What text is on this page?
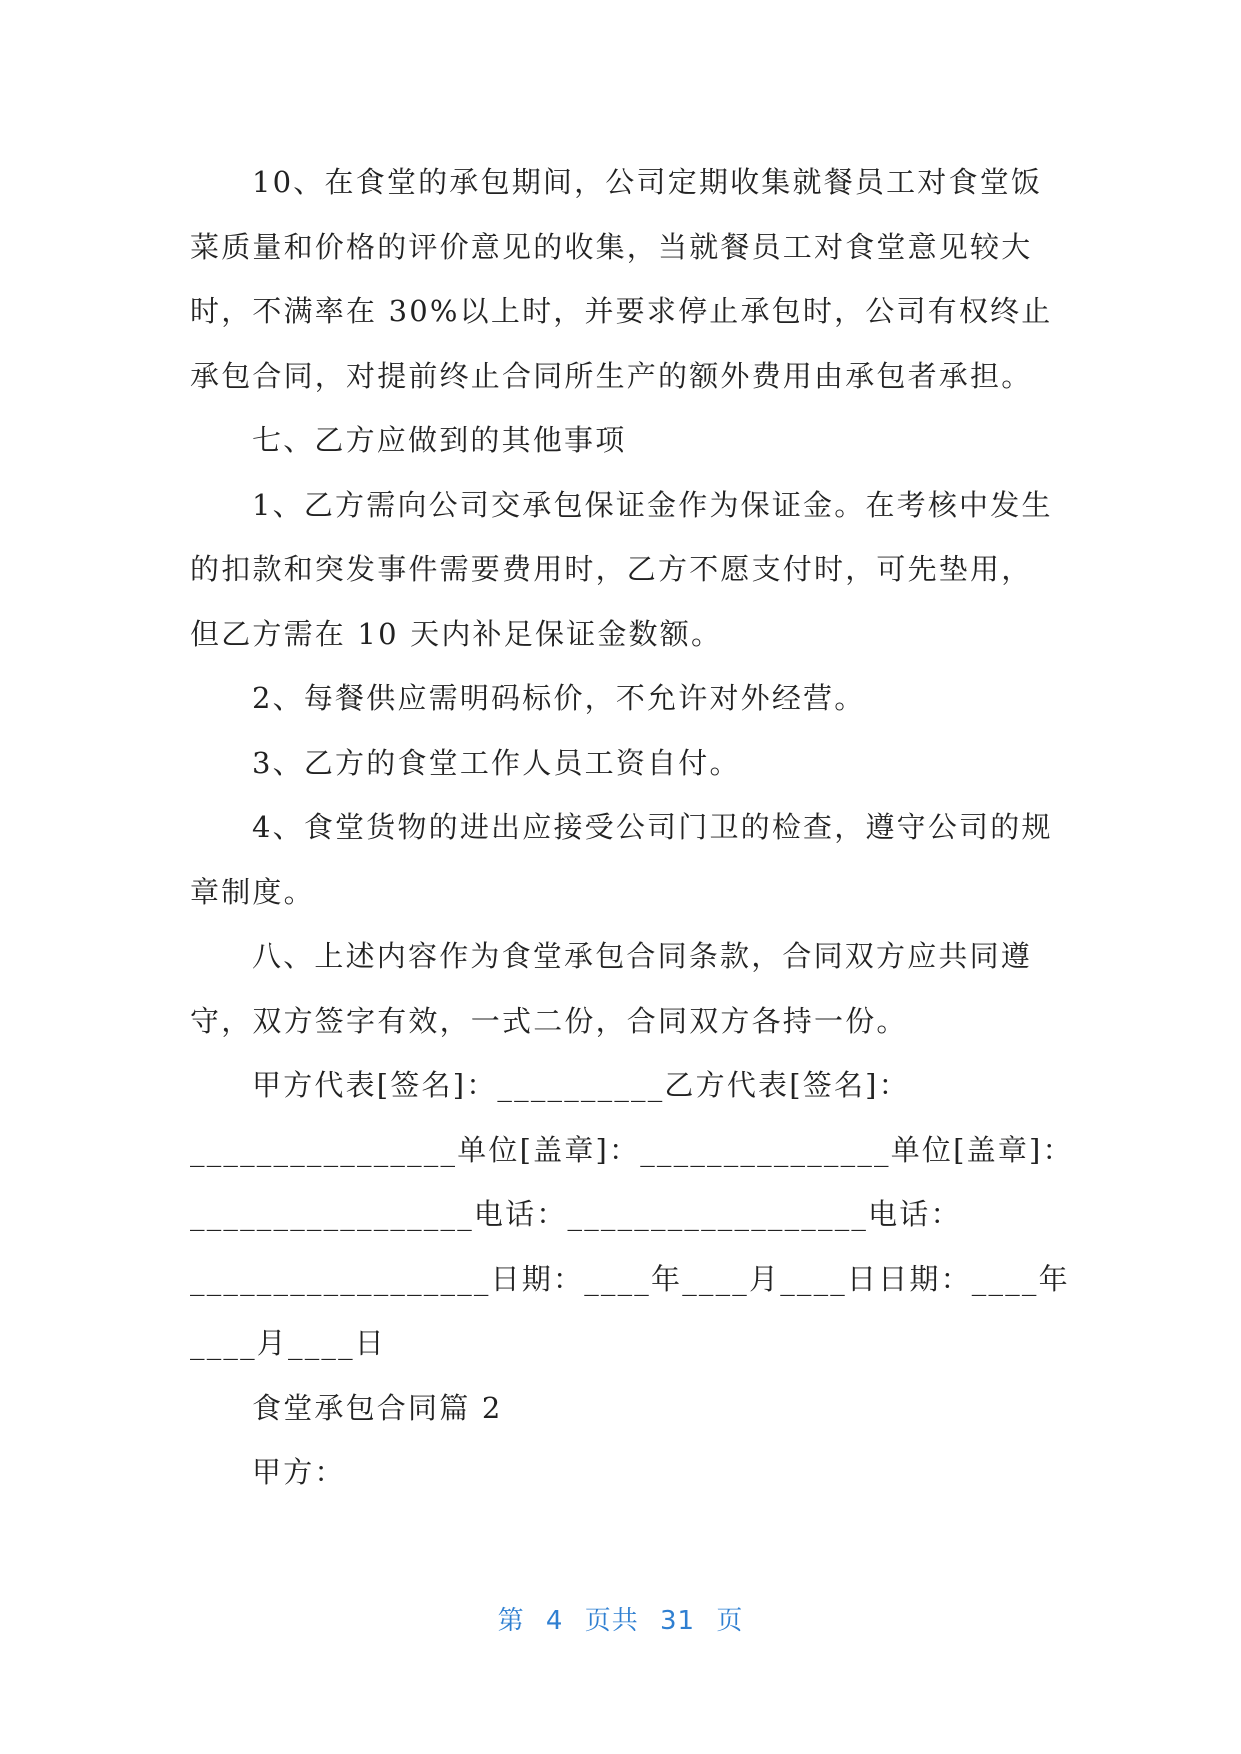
10、在食堂的承包期间，公司定期收集就餐员工对食堂饭

菜质量和价格的评价意见的收集，当就餐员工对食堂意见较大

时，不满率在 30%以上时，并要求停止承包时，公司有权终止

承包合同，对提前终止合同所生产的额外费用由承包者承担。

七、乙方应做到的其他事项

1、乙方需向公司交承包保证金作为保证金。在考核中发生

的扣款和突发事件需要费用时，乙方不愿支付时，可先垫用，

但乙方需在 10 天内补足保证金数额。

2、每餐供应需明码标价，不允许对外经营。

3、乙方的食堂工作人员工资自付。

4、食堂货物的进出应接受公司门卫的检查，遵守公司的规

章制度。

八、上述内容作为食堂承包合同条款，合同双方应共同遵

守，双方签字有效，一式二份，合同双方各持一份。

甲方代表[签名]：__________乙方代表[签名]：

________________单位[盖章]：_______________单位[盖章]：

_________________电话：__________________电话：

__________________日期：____年____月____日日期：____年

____月____日

食堂承包合同篇 2

甲方：

第 4 页共 31 页
